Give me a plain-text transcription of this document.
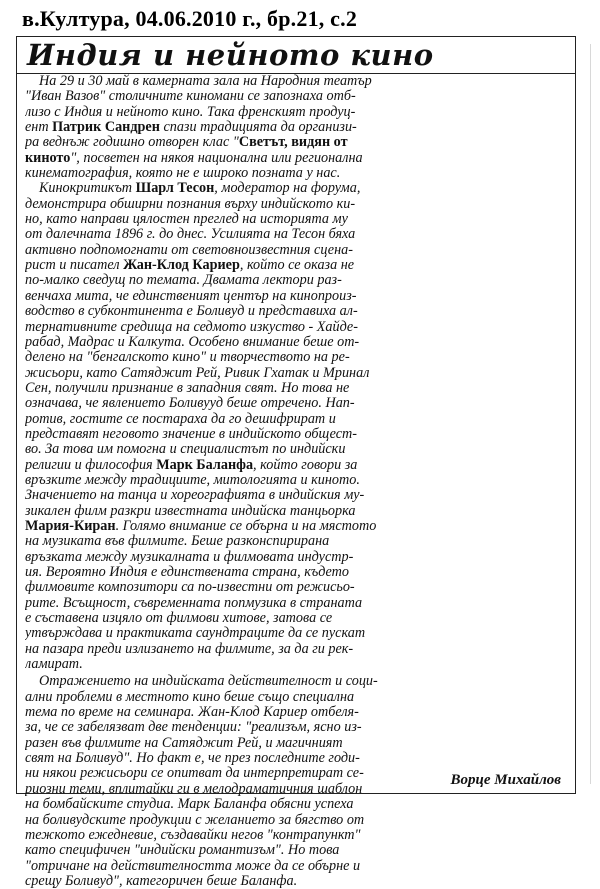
в.Култура, 04.06.2010 г., бр.21, с.2
Индия и нейното кино
На 29 и 30 май в камерната зала на Народния театър
"Иван Вазов" столичните киномани се запознаха отб-
лизо с Индия и нейното кино. Така френският продуц-
ент Патрик Сандрен спази традицията да организи-
ра веднъж годишно отворен клас "Светът, видян от
киното", посветен на някоя национална или регионална
кинематография, която не е широко позната у нас.
Кинокритикът Шарл Тесон, модератор на форума,
демонстрира обширни познания върху индийското ки-
но, като направи цялостен преглед на историята му
от далечната 1896 г. до днес. Усилията на Тесон бяха
активно подпомогнати от световноизвестния сцена-
рист и писател Жан-Клод Кариер, който се оказа не
по-малко сведущ по темата. Двамата лектори раз-
венчаха мита, че единственият център на кинопроиз-
водство в субконтинента е Боливуд и представиха ал-
тернативните средища на седмото изкуство - Хайде-
рабад, Мадрас и Калкута. Особено внимание беше от-
делено на "бенгалското кино" и творчеството на ре-
жисьори, като Сатяджит Рей, Ривик Гхатак и Мринал
Сен, получили признание в западния свят. Но това не
означава, че явлението Боливууд беше отречено. Нап-
ротив, гостите се постараха да го дешифрират и
представят неговото значение в индийското общест-
во. За това им помогна и специалистът по индийски
религии и философия Марк Баланфа, който говори за
връзките между традициите, митологията и киното.
Значението на танца и хореографията в индийския му-
зикален филм разкри известната индийска танцьорка
Мария-Киран. Голямо внимание се обърна и на мястото
на музиката във филмите. Беше разконспирирана
връзката между музикалната и филмовата индустр-
ия. Вероятно Индия е единствената страна, където
филмовите композитори са по-известни от режисьо-
рите. Всъщност, съвременната попмузика в страната
е съставена изцяло от филмови хитове, затова се
утвърждава и практиката саундтраците да се пускат
на пазара преди излизането на филмите, за да ги рек-
ламират.
Отражението на индийската действителност и соци-
ални проблеми в местното кино беше също специална
тема по време на семинара. Жан-Клод Кариер отбеля-
за, че се забелязват две тенденции: "реализъм, ясно из-
разен във филмите на Сатяджит Рей, и магичният
свят на Боливуд". Но факт е, че през последните годи-
ни някои режисьори се опитват да интерпретират се-
риозни теми, вплитайки ги в мелодраматичния шаблон
на бомбайските студиа. Марк Баланфа обясни успеха
на боливудските продукции с желанието за бягство от
тежкото ежедневие, създавайки негов "контрапункт"
като специфичен "индийски романтизъм". Но това
"отричане на действителността може да се обърне и
срещу Боливуд", категоричен беше Баланфа.
Ворце Михайлов
